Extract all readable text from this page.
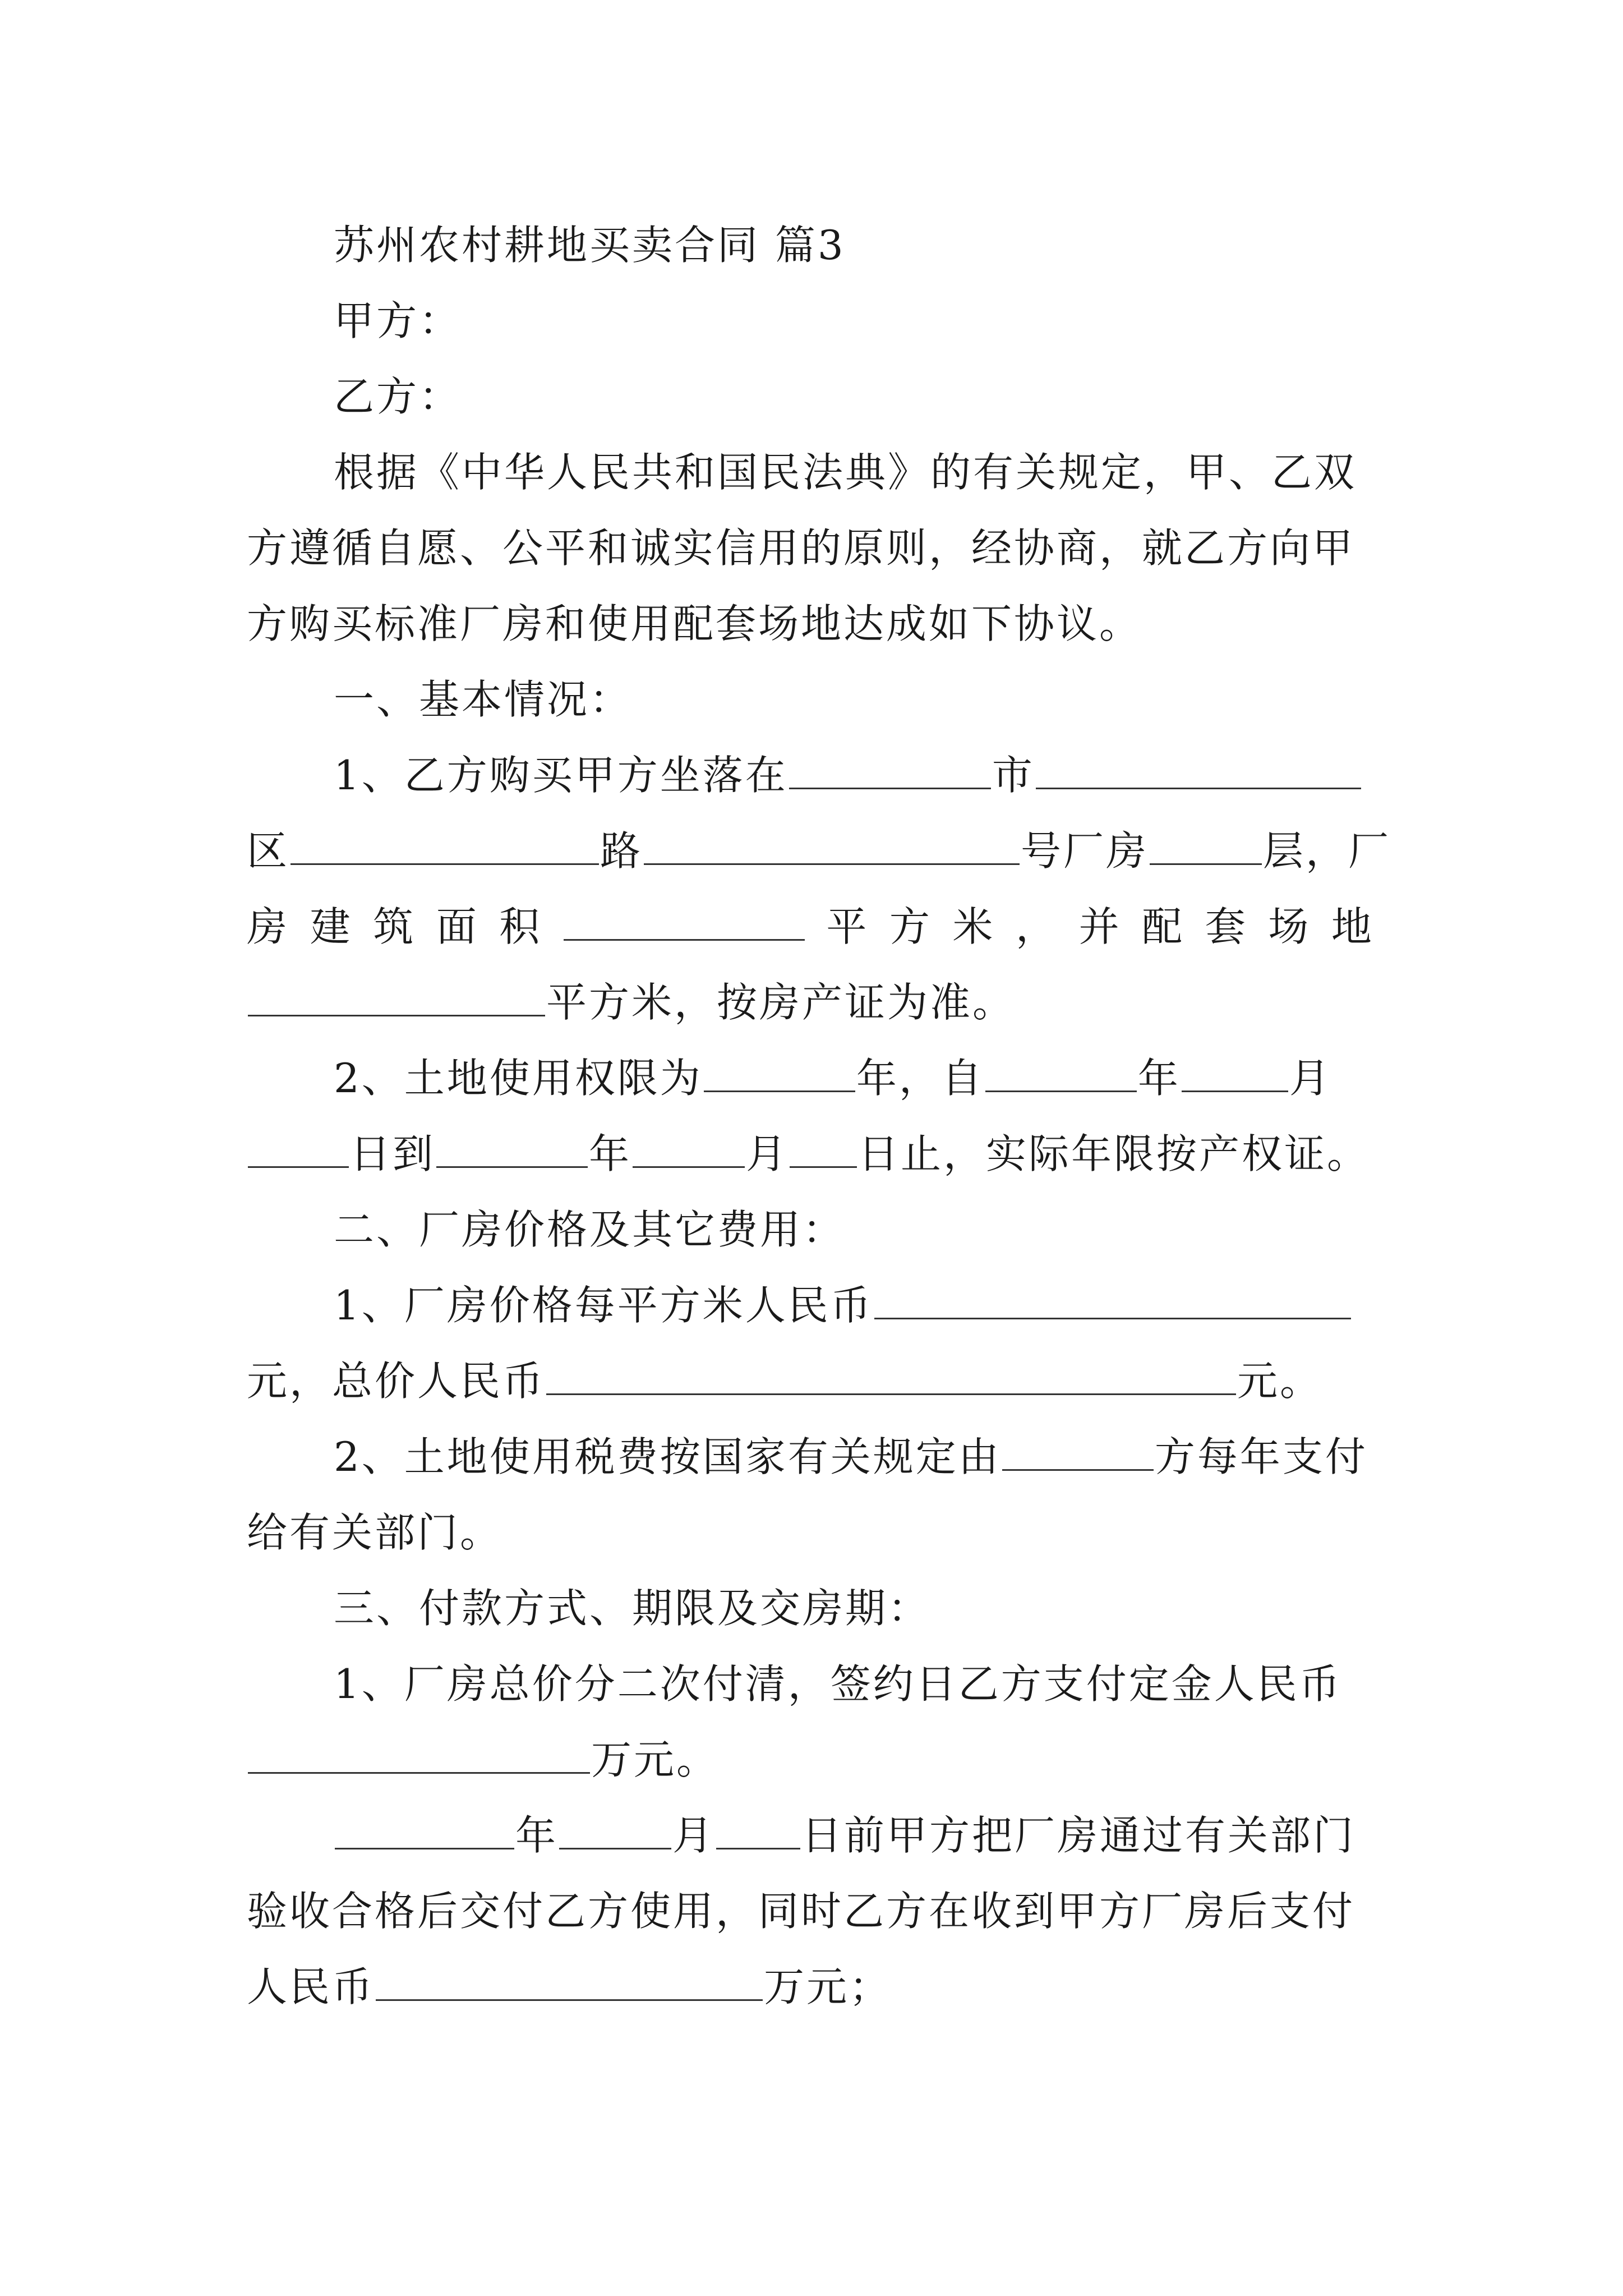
苏州农村耕地买卖合同 篇3
甲方：
乙方：
根据《中华人民共和国民法典》的有关规定，甲、乙双
方遵循自愿、公平和诚实信用的原则，经协商，就乙方向甲
方购买标准厂房和使用配套场地达成如下协议。
一、基本情况：
1、乙方购买甲方坐落在	市
区	路	号厂房	层，厂
房 建 筑 面 积	平 方 米 ， 并 配 套 场 地
平方米，按房产证为准。
2、土地使用权限为	年，自	年	月
日到	年	月 日止，实际年限按产权证。
二、厂房价格及其它费用：
1、厂房价格每平方米人民币
元，总价人民币	元。
2、土地使用税费按国家有关规定由	方每年支付
给有关部门。
三、付款方式、期限及交房期：
1、厂房总价分二次付清，签约日乙方支付定金人民币
万元。
年	月 日前甲方把厂房通过有关部门
验收合格后交付乙方使用，同时乙方在收到甲方厂房后支付
人民币	万元；
